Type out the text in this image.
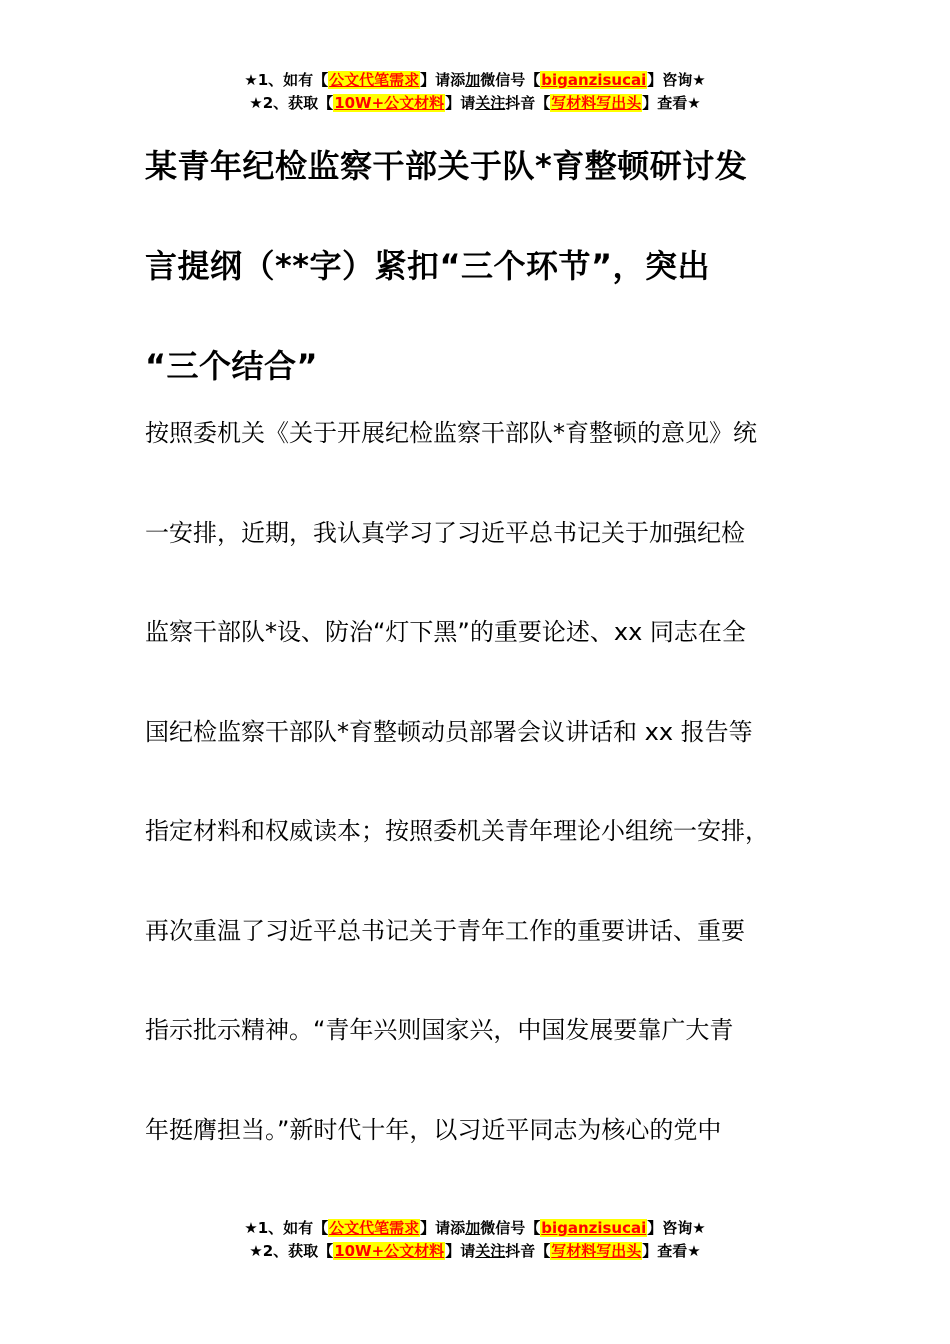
★1、如有【公文代笔需求】请添加微信号【biganzisucai】咨询★
★2、获取【10W+公文材料】请关注抖音【写材料写出头】查看★
某青年纪检监察干部关于队*育整顿研讨发
言提纲（**字）紧扣“三个环节”，突出
“三个结合”
按照委机关《关于开展纪检监察干部队*育整顿的意见》统
一安排，近期，我认真学习了习近平总书记关于加强纪检
监察干部队*设、防治“灯下黑”的重要论述、xx 同志在全
国纪检监察干部队*育整顿动员部署会议讲话和 xx 报告等
指定材料和权威读本；按照委机关青年理论小组统一安排，
再次重温了习近平总书记关于青年工作的重要讲话、重要
指示批示精神。“青年兴则国家兴，中国发展要靠广大青
年挺膺担当。”新时代十年，以习近平同志为核心的党中
★1、如有【公文代笔需求】请添加微信号【biganzisucai】咨询★
★2、获取【10W+公文材料】请关注抖音【写材料写出头】查看★
